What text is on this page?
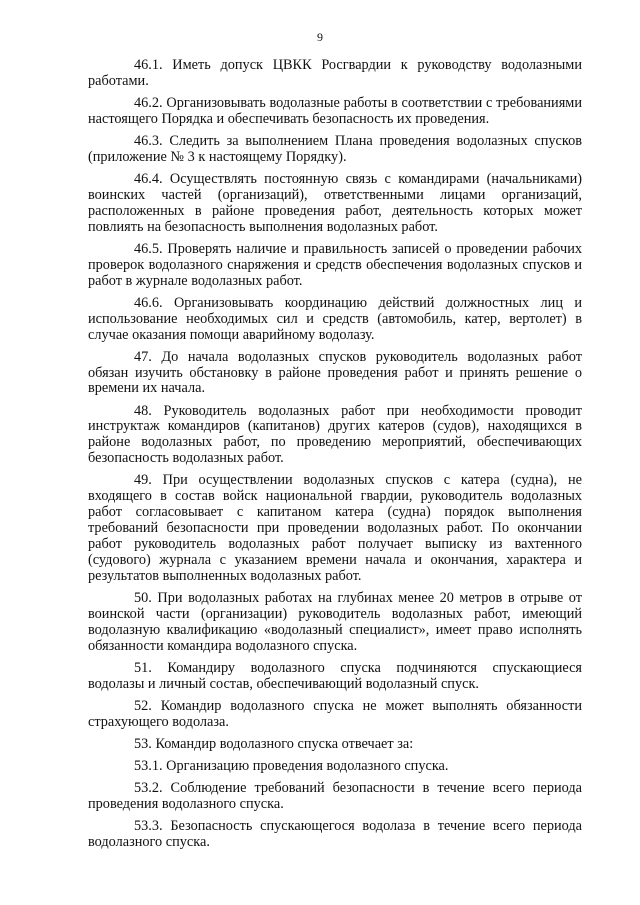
9

46.1. Иметь допуск ЦВКК Росгвардии к руководству водолазными работами.

46.2. Организовывать водолазные работы в соответствии с требованиями настоящего Порядка и обеспечивать безопасность их проведения.

46.3. Следить за выполнением Плана проведения водолазных спусков (приложение № 3 к настоящему Порядку).

46.4. Осуществлять постоянную связь с командирами (начальниками) воинских частей (организаций), ответственными лицами организаций, расположенных в районе проведения работ, деятельность которых может повлиять на безопасность выполнения водолазных работ.

46.5. Проверять наличие и правильность записей о проведении рабочих проверок водолазного снаряжения и средств обеспечения водолазных спусков и работ в журнале водолазных работ.

46.6. Организовывать координацию действий должностных лиц и использование необходимых сил и средств (автомобиль, катер, вертолет) в случае оказания помощи аварийному водолазу.

47. До начала водолазных спусков руководитель водолазных работ обязан изучить обстановку в районе проведения работ и принять решение о времени их начала.

48. Руководитель водолазных работ при необходимости проводит инструктаж командиров (капитанов) других катеров (судов), находящихся в районе водолазных работ, по проведению мероприятий, обеспечивающих безопасность водолазных работ.

49. При осуществлении водолазных спусков с катера (судна), не входящего в состав войск национальной гвардии, руководитель водолазных работ согласовывает с капитаном катера (судна) порядок выполнения требований безопасности при проведении водолазных работ. По окончании работ руководитель водолазных работ получает выписку из вахтенного (судового) журнала с указанием времени начала и окончания, характера и результатов выполненных водолазных работ.

50. При водолазных работах на глубинах менее 20 метров в отрыве от воинской части (организации) руководитель водолазных работ, имеющий водолазную квалификацию «водолазный специалист», имеет право исполнять обязанности командира водолазного спуска.

51. Командиру водолазного спуска подчиняются спускающиеся водолазы и личный состав, обеспечивающий водолазный спуск.

52. Командир водолазного спуска не может выполнять обязанности страхующего водолаза.

53. Командир водолазного спуска отвечает за:

53.1. Организацию проведения водолазного спуска.

53.2. Соблюдение требований безопасности в течение всего периода проведения водолазного спуска.

53.3. Безопасность спускающегося водолаза в течение всего периода водолазного спуска.
